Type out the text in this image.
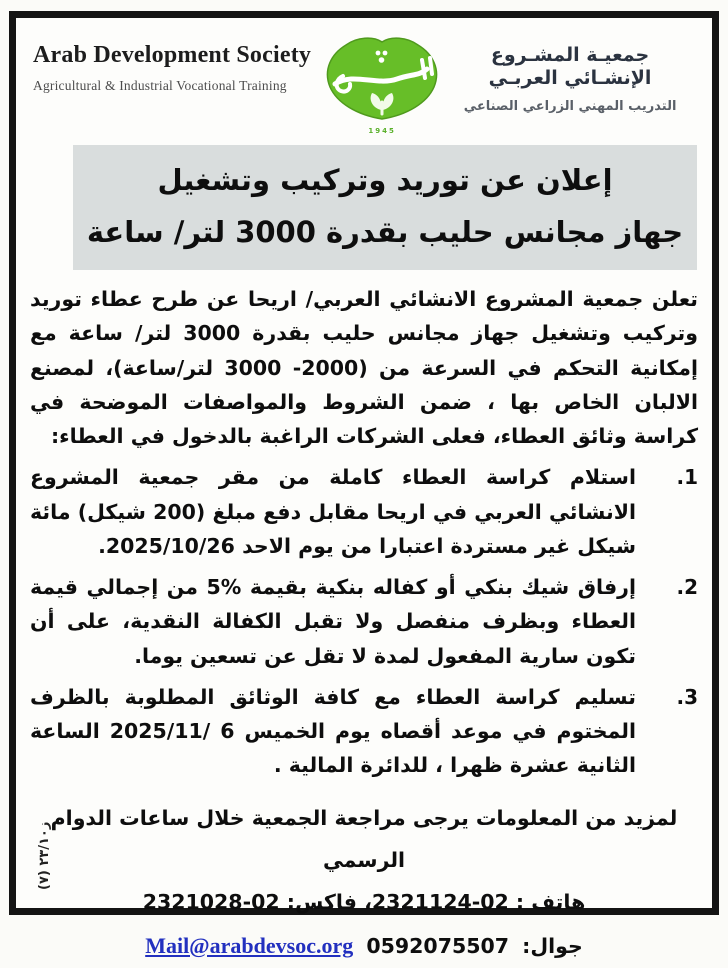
Arab Development Society
Agricultural & Industrial Vocational Training
1945
جمعيـة المشـروع الإنشـائي العربـي
التدريب المهني الزراعي الصناعي
إعلان عن توريد وتركيب وتشغيل
جهاز مجانس حليب بقدرة 3000 لتر/ ساعة
تعلن جمعية المشروع الانشائي العربي/ اريحا عن طرح عطاء توريد وتركيب وتشغيل جهاز مجانس حليب بقدرة 3000 لتر/ ساعة مع إمكانية التحكم في السرعة من (2000- 3000 لتر/ساعة)، لمصنع الالبان الخاص بها ، ضمن الشروط والمواصفات الموضحة في كراسة وثائق العطاء، فعلى الشركات الراغبة بالدخول في العطاء:
1.
استلام كراسة العطاء كاملة من مقر جمعية المشروع الانشائي العربي في اريحا مقابل دفع مبلغ (200 شيكل) مائة شيكل غير مستردة اعتبارا من يوم الاحد 2025/10/26.
2.
إرفاق شيك بنكي أو كفاله بنكية بقيمة %5 من إجمالي قيمة العطاء وبظرف منفصل ولا تقبل الكفالة النقدية، على أن تكون سارية المفعول لمدة لا تقل عن تسعين يوما.
3.
تسليم كراسة العطاء مع كافة الوثائق المطلوبة بالظرف المختوم في موعد أقصاه يوم الخميس 2025/11/ 6 الساعة الثانية عشرة ظهرا ، للدائرة المالية .
لمزيد من المعلومات يرجى مراجعة الجمعية خلال ساعات الدوام الرسمي
هاتف : 02-2321124، فاكس: 02-2321028
جوال: 0592075507 Mail@arabdevsoc.org
ز٢٣/١٠ (٧)
